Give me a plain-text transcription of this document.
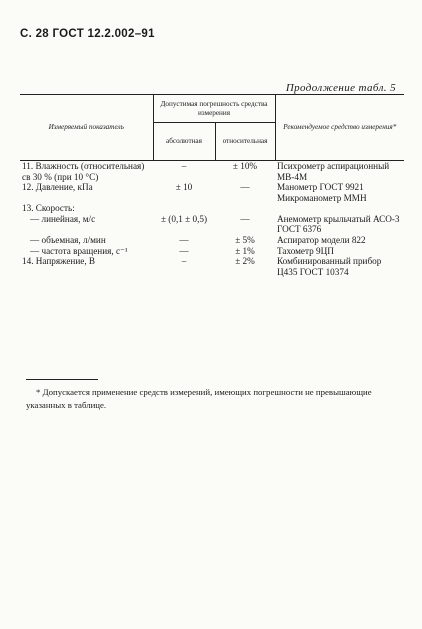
С. 28 ГОСТ 12.2.002–91
Продолжение табл. 5
Измеряемый показатель	Допустимая погрешность средства измерения		Рекомендуемое средство измерения*
	абсолютная	относительная	
11. Влажность (относительная) св 30 % (при 10 °С)	–	± 10%	Психрометр аспирационный МВ-4М
12. Давление, кПа	± 10	—	Манометр ГОСТ 9921 Микроманометр ММН
13. Скорость:			
— линейная, м/с	± (0,1 ± 0,5)	—	Анемометр крыльчатый АСО-3 ГОСТ 6376
— объемная, л/мин	—	± 5%	Аспиратор модели 822
— частота вращения, с⁻¹	—	± 1%	Тахометр 9ЦП
14. Напряжение, В	–	± 2%	Комбинированный прибор Ц435 ГОСТ 10374
* Допускается применение средств измерений, имеющих погрешности не превышающие указанных в таблице.
